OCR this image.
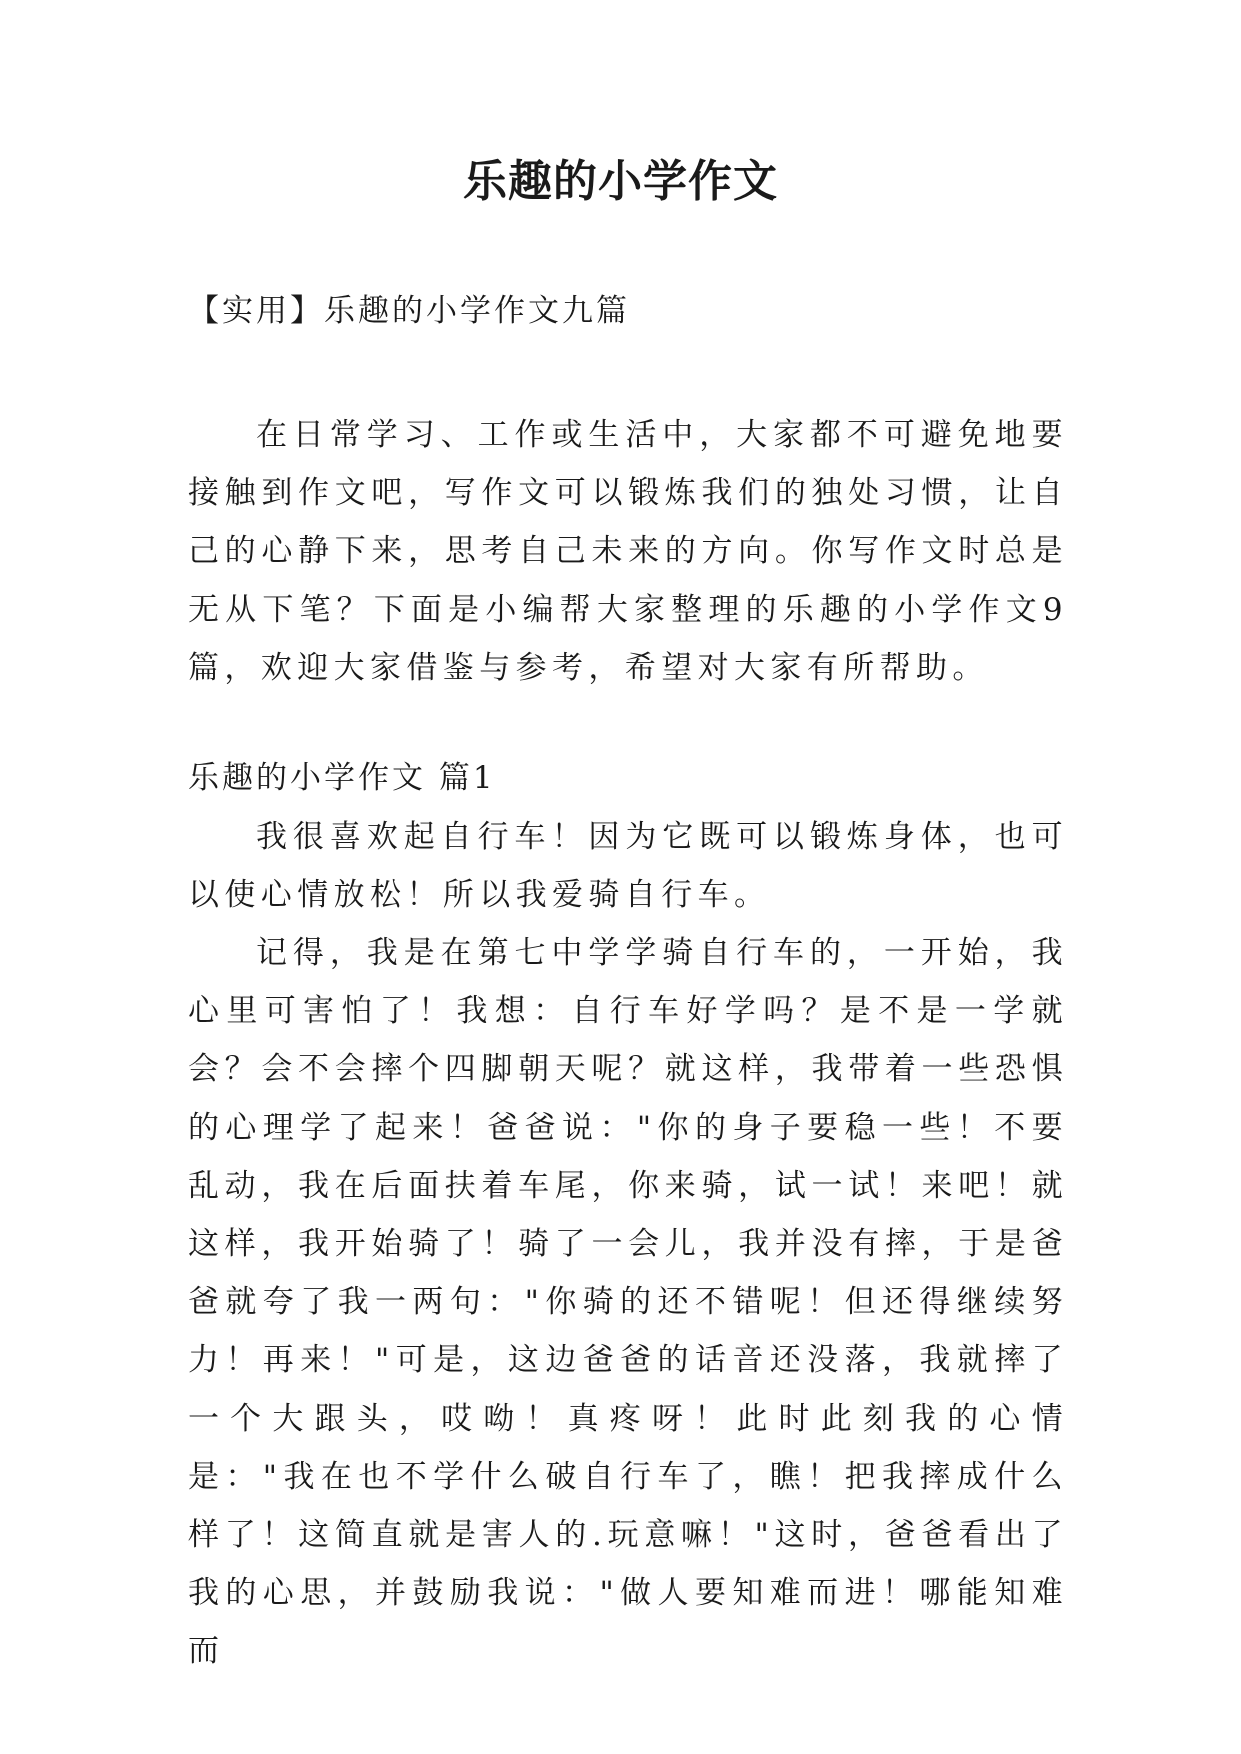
乐趣的小学作文
【实用】乐趣的小学作文九篇

在日常学习、工作或生活中，大家都不可避免地要接触到作文吧，写作文可以锻炼我们的独处习惯，让自己的心静下来，思考自己未来的方向。你写作文时总是无从下笔？下面是小编帮大家整理的乐趣的小学作文9篇，欢迎大家借鉴与参考，希望对大家有所帮助。

乐趣的小学作文 篇1

我很喜欢起自行车！因为它既可以锻炼身体，也可以使心情放松！所以我爱骑自行车。

记得，我是在第七中学学骑自行车的，一开始，我心里可害怕了！我想：自行车好学吗？是不是一学就会？会不会摔个四脚朝天呢？就这样，我带着一些恐惧的心理学了起来！爸爸说："你的身子要稳一些！不要乱动，我在后面扶着车尾，你来骑，试一试！来吧！就这样，我开始骑了！骑了一会儿，我并没有摔，于是爸爸就夸了我一两句："你骑的还不错呢！但还得继续努力！再来！"可是，这边爸爸的话音还没落，我就摔了一个大跟头，哎呦！真疼呀！此时此刻我的心情是："我在也不学什么破自行车了，瞧！把我摔成什么样了！这简直就是害人的.玩意嘛！"这时，爸爸看出了我的心思，并鼓励我说："做人要知难而进！哪能知难而
